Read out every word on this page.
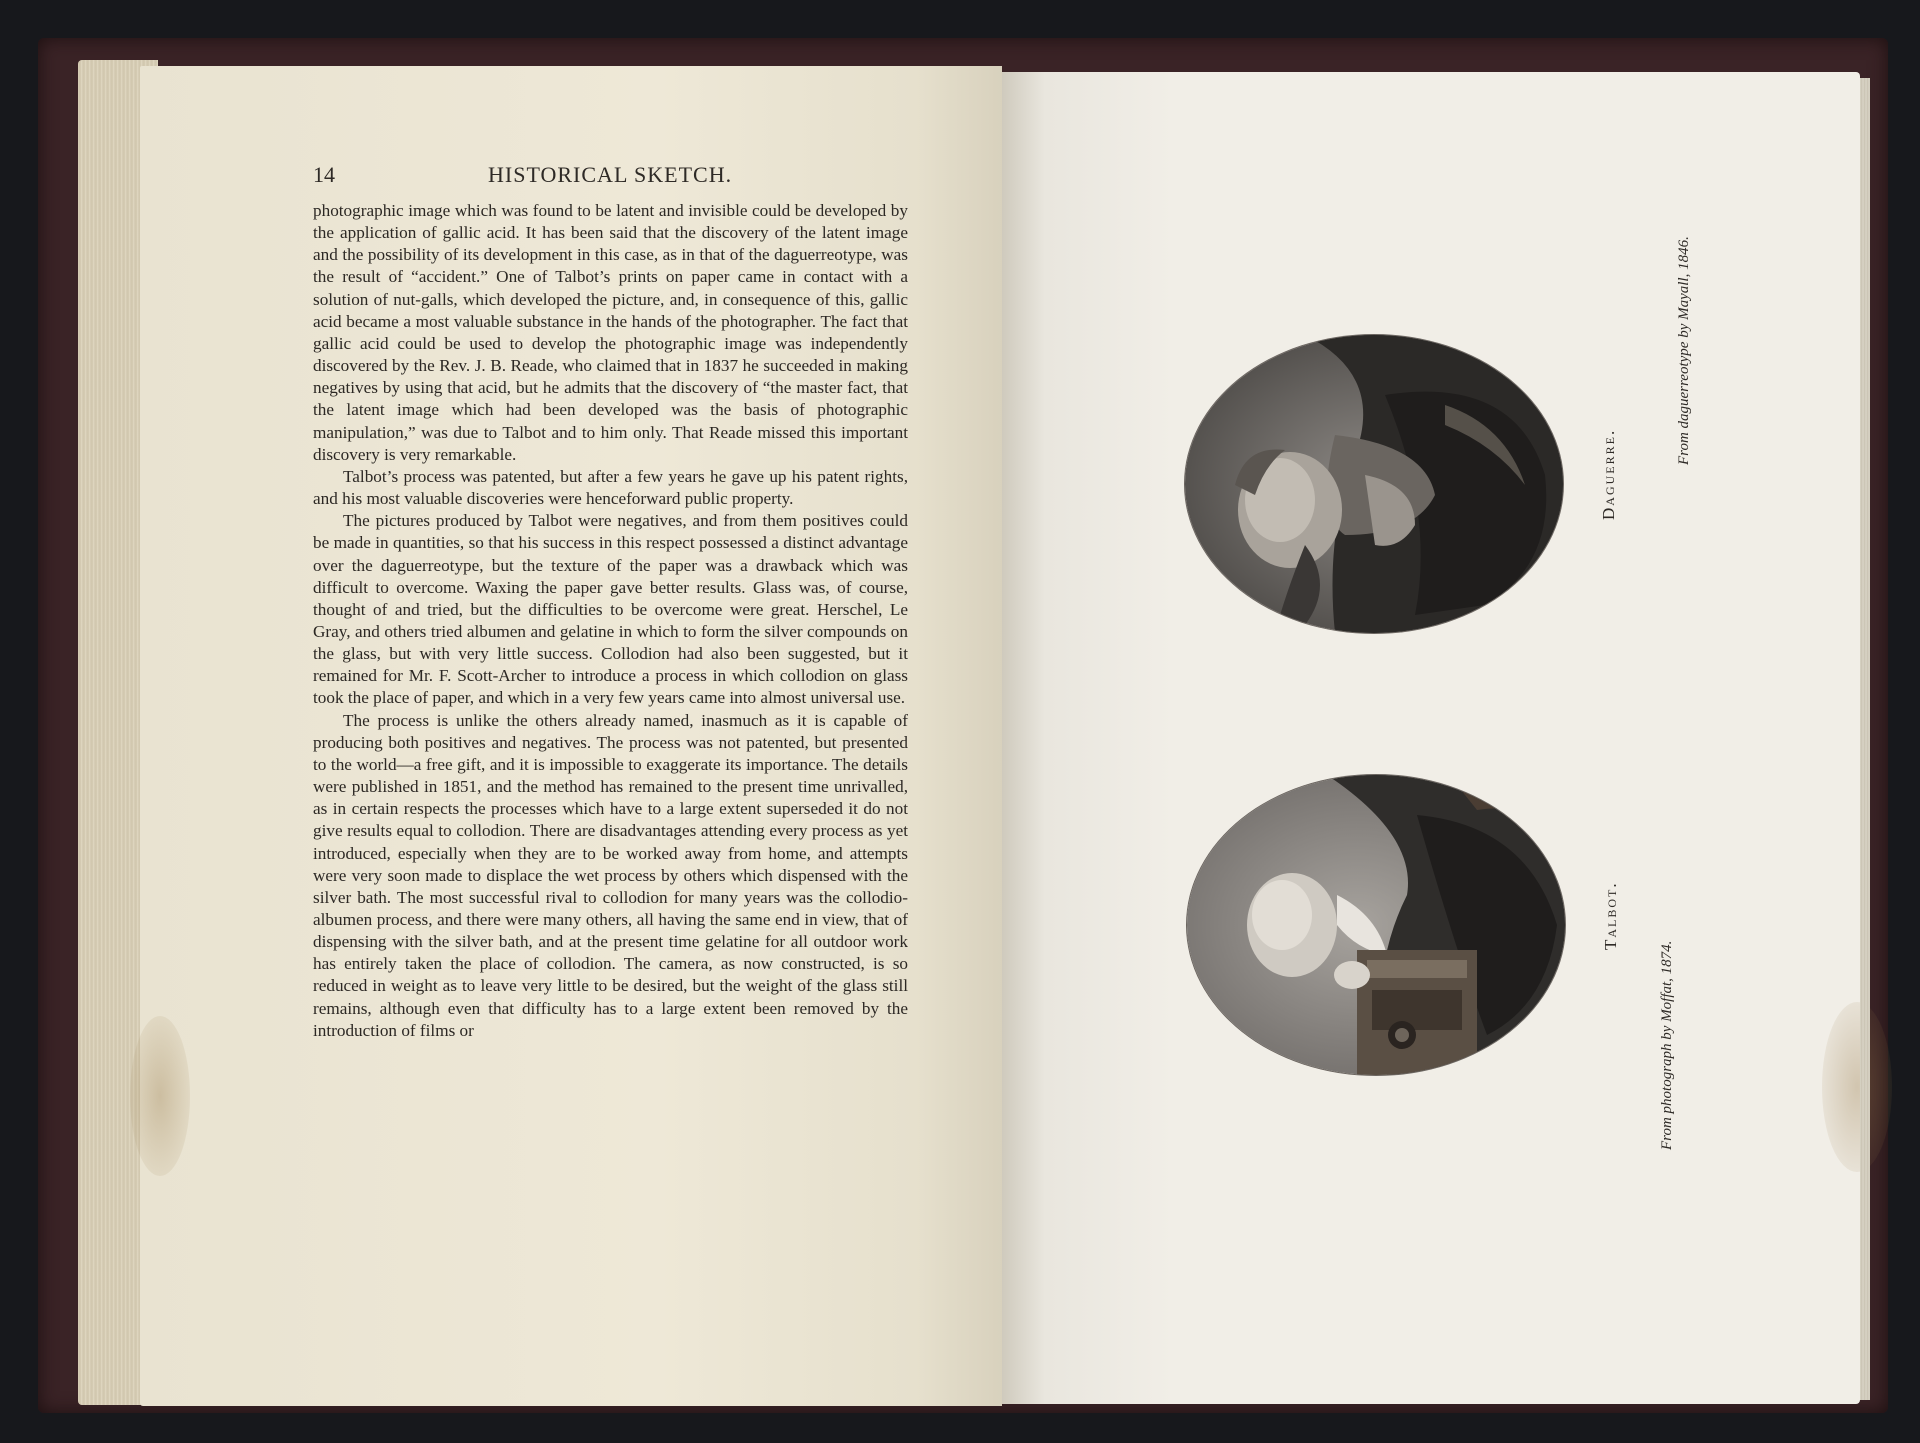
14	HISTORICAL SKETCH.

photographic image which was found to be latent and invisible could be developed by the application of gallic acid. It has been said that the discovery of the latent image and the possibility of its development in this case, as in that of the daguerreotype, was the result of “accident.” One of Talbot’s prints on paper came in contact with a solution of nut-galls, which developed the picture, and, in consequence of this, gallic acid became a most valuable substance in the hands of the photographer. The fact that gallic acid could be used to develop the photographic image was independently discovered by the Rev. J. B. Reade, who claimed that in 1837 he succeeded in making negatives by using that acid, but he admits that the discovery of “the master fact, that the latent image which had been developed was the basis of photographic manipulation,” was due to Talbot and to him only. That Reade missed this important discovery is very remarkable.

Talbot’s process was patented, but after a few years he gave up his patent rights, and his most valuable discoveries were henceforward public property.

The pictures produced by Talbot were negatives, and from them positives could be made in quantities, so that his success in this respect possessed a distinct advantage over the daguerreotype, but the texture of the paper was a drawback which was difficult to overcome. Waxing the paper gave better results. Glass was, of course, thought of and tried, but the difficulties to be overcome were great. Herschel, Le Gray, and others tried albumen and gelatine in which to form the silver compounds on the glass, but with very little success. Collodion had also been suggested, but it remained for Mr. F. Scott-Archer to introduce a process in which collodion on glass took the place of paper, and which in a very few years came into almost universal use.

The process is unlike the others already named, inasmuch as it is capable of producing both positives and negatives. The process was not patented, but presented to the world—a free gift, and it is impossible to exaggerate its importance. The details were published in 1851, and the method has remained to the present time unrivalled, as in certain respects the processes which have to a large extent superseded it do not give results equal to collodion. There are disadvantages attending every process as yet introduced, especially when they are to be worked away from home, and attempts were very soon made to displace the wet process by others which dispensed with the silver bath. The most successful rival to collodion for many years was the collodio-albumen process, and there were many others, all having the same end in view, that of dispensing with the silver bath, and at the present time gelatine for all outdoor work has entirely taken the place of collodion. The camera, as now constructed, is so reduced in weight as to leave very little to be desired, but the weight of the glass still remains, although even that difficulty has to a large extent been removed by the introduction of films or

Daguerre.
From daguerreotype by Mayall, 1846.
Talbot.
From photograph by Moffat, 1874.
